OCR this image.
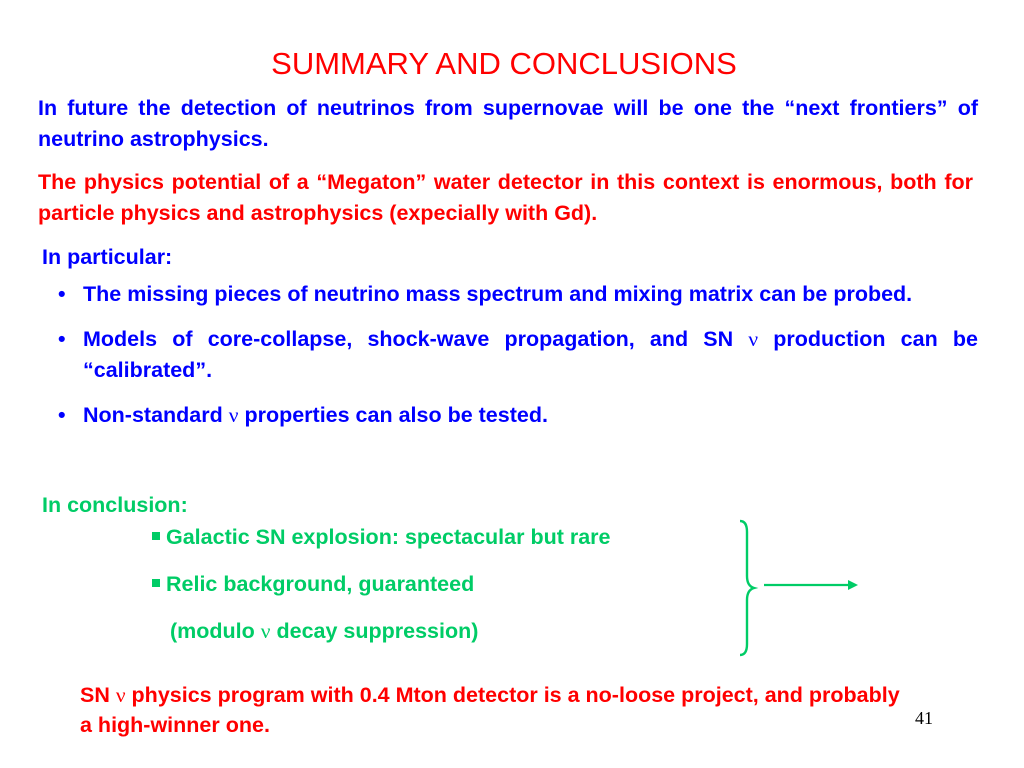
SUMMARY AND CONCLUSIONS

In future the detection of neutrinos from supernovae will be one the “next frontiers” of neutrino astrophysics.

The physics potential of a “Megaton” water detector in this context is enormous, both for particle physics and astrophysics (expecially with Gd).

In particular:

• The missing pieces of neutrino mass spectrum and mixing matrix can be probed.
• Models of core-collapse, shock-wave propagation, and SN ν production can be “calibrated”.
• Non-standard ν properties can also be tested.

In conclusion:

Galactic SN explosion: spectacular but rare
Relic background, guaranteed
(modulo ν decay suppression)

SN ν physics program with 0.4 Mton detector is a no-loose project, and probably a high-winner one.	41
